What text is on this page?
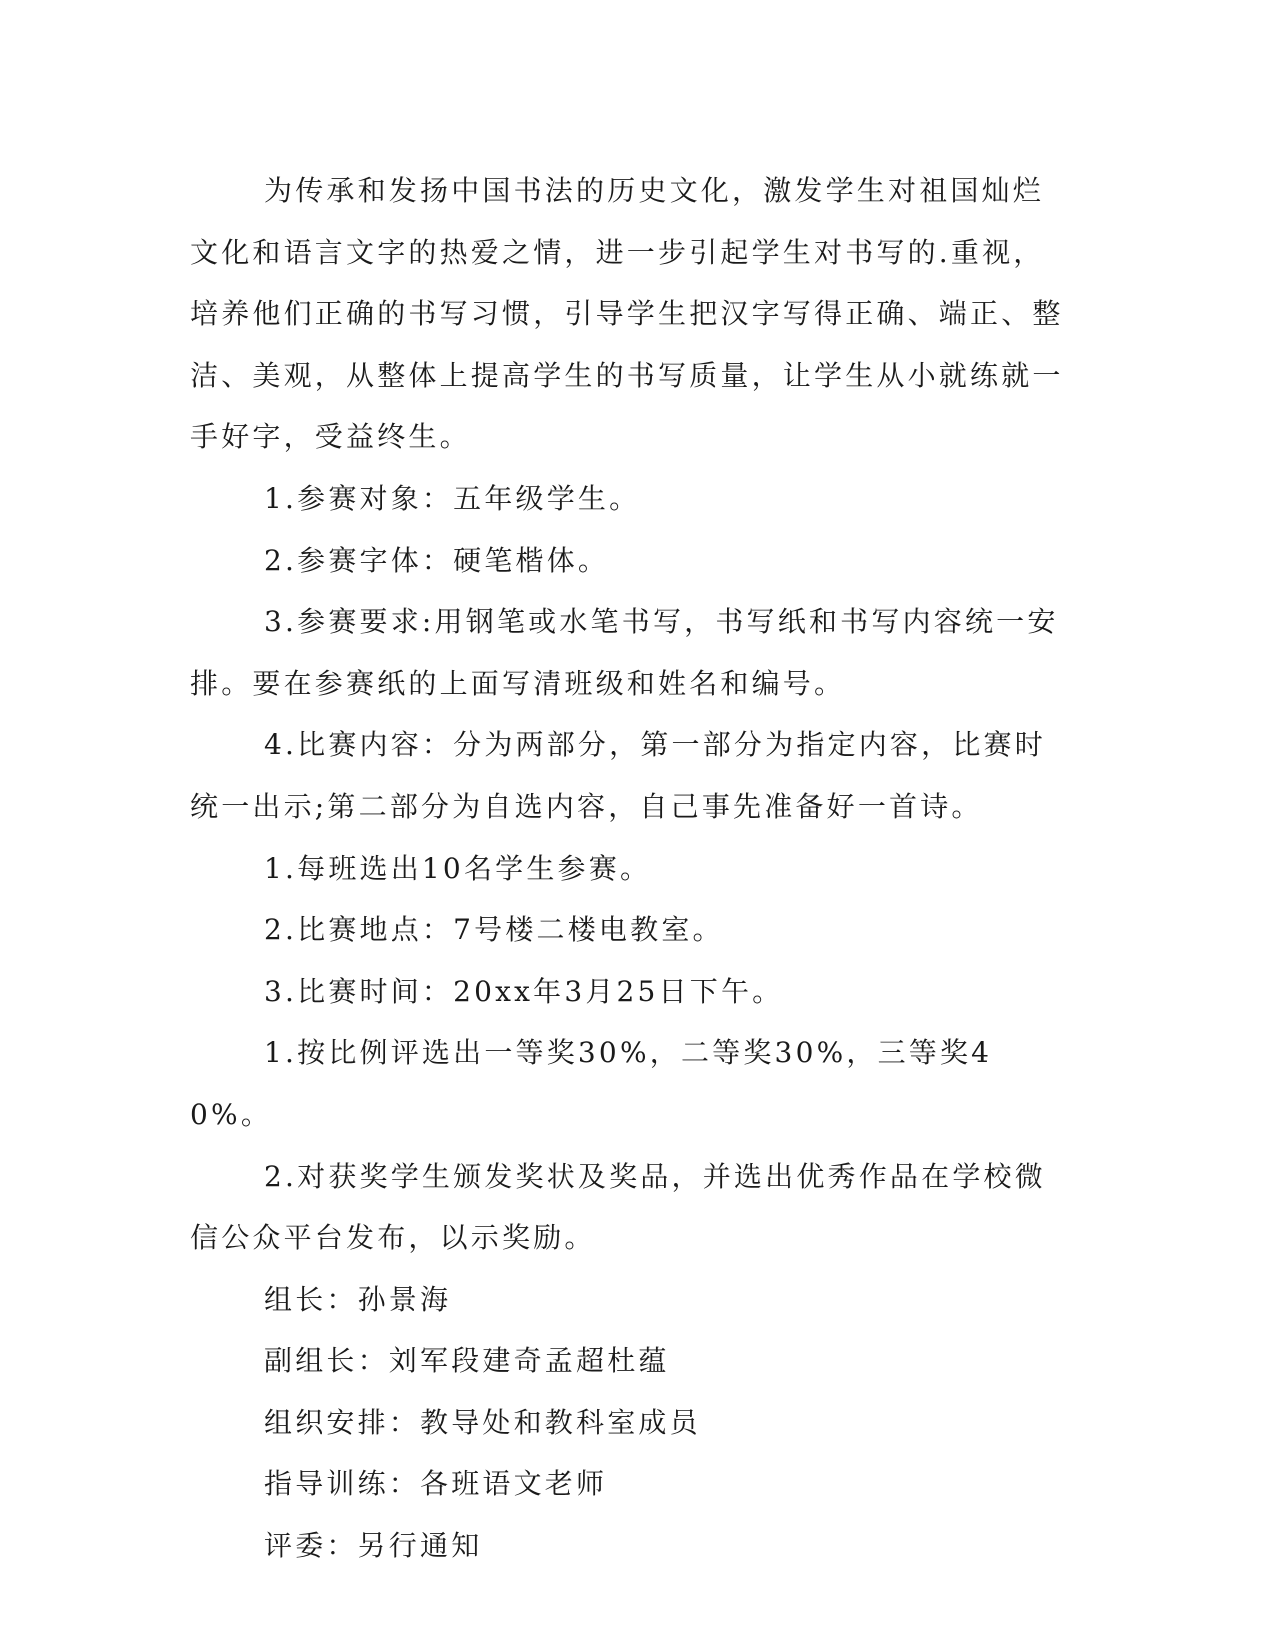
为传承和发扬中国书法的历史文化，激发学生对祖国灿烂文化和语言文字的热爱之情，进一步引起学生对书写的.重视，培养他们正确的书写习惯，引导学生把汉字写得正确、端正、整洁、美观，从整体上提高学生的书写质量，让学生从小就练就一手好字，受益终生。

1.参赛对象：五年级学生。

2.参赛字体：硬笔楷体。

3.参赛要求:用钢笔或水笔书写，书写纸和书写内容统一安排。要在参赛纸的上面写清班级和姓名和编号。

4.比赛内容：分为两部分，第一部分为指定内容，比赛时统一出示;第二部分为自选内容，自己事先准备好一首诗。

1.每班选出10名学生参赛。

2.比赛地点：7号楼二楼电教室。

3.比赛时间：20xx年3月25日下午。

1.按比例评选出一等奖30%，二等奖30%，三等奖40%。

2.对获奖学生颁发奖状及奖品，并选出优秀作品在学校微信公众平台发布，以示奖励。

组长：孙景海

副组长：刘军段建奇孟超杜蕴

组织安排：教导处和教科室成员

指导训练：各班语文老师

评委：另行通知
